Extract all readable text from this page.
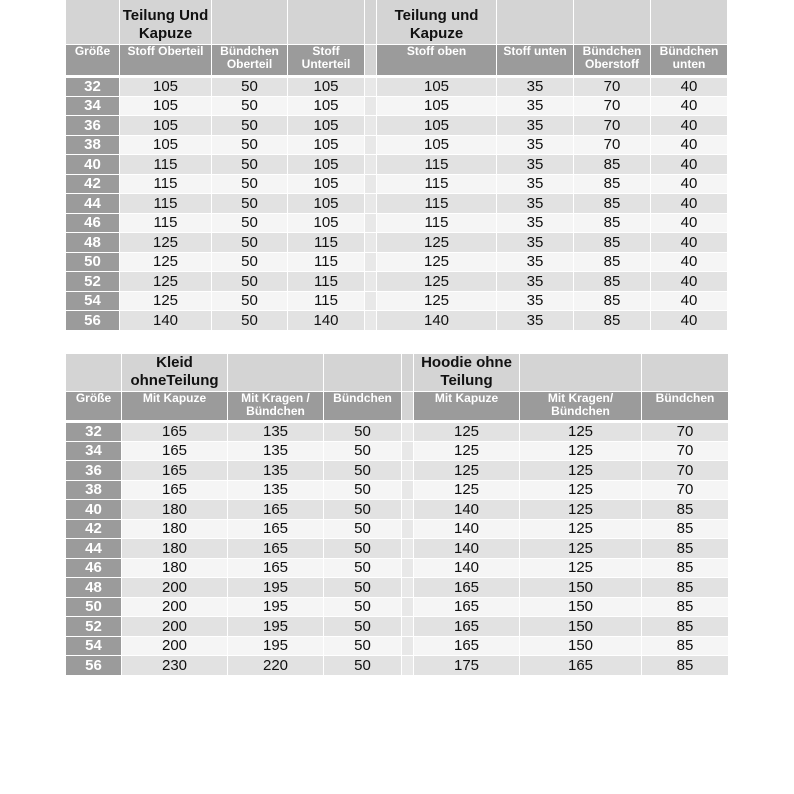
	Teilung Und Kapuze				Teilung und Kapuze			

Größe	Stoff Oberteil	Bündchen Oberteil	Stoff Unterteil		Stoff oben	Stoff unten	Bündchen Oberstoff	Bündchen unten
32	105	50	105		105	35	70	40
34	105	50	105		105	35	70	40
36	105	50	105		105	35	70	40
38	105	50	105		105	35	70	40
40	115	50	105		115	35	85	40
42	115	50	105		115	35	85	40
44	115	50	105		115	35	85	40
46	115	50	105		115	35	85	40
48	125	50	115		125	35	85	40
50	125	50	115		125	35	85	40
52	125	50	115		125	35	85	40
54	125	50	115		125	35	85	40
56	140	50	140		140	35	85	40

	Kleid ohneTeilung				Hoodie ohne Teilung		

Größe	Mit Kapuze	Mit Kragen / Bündchen	Bündchen		Mit Kapuze	Mit Kragen/ Bündchen	Bündchen
32	165	135	50		125	125	70
34	165	135	50		125	125	70
36	165	135	50		125	125	70
38	165	135	50		125	125	70
40	180	165	50		140	125	85
42	180	165	50		140	125	85
44	180	165	50		140	125	85
46	180	165	50		140	125	85
48	200	195	50		165	150	85
50	200	195	50		165	150	85
52	200	195	50		165	150	85
54	200	195	50		165	150	85
56	230	220	50		175	165	85
